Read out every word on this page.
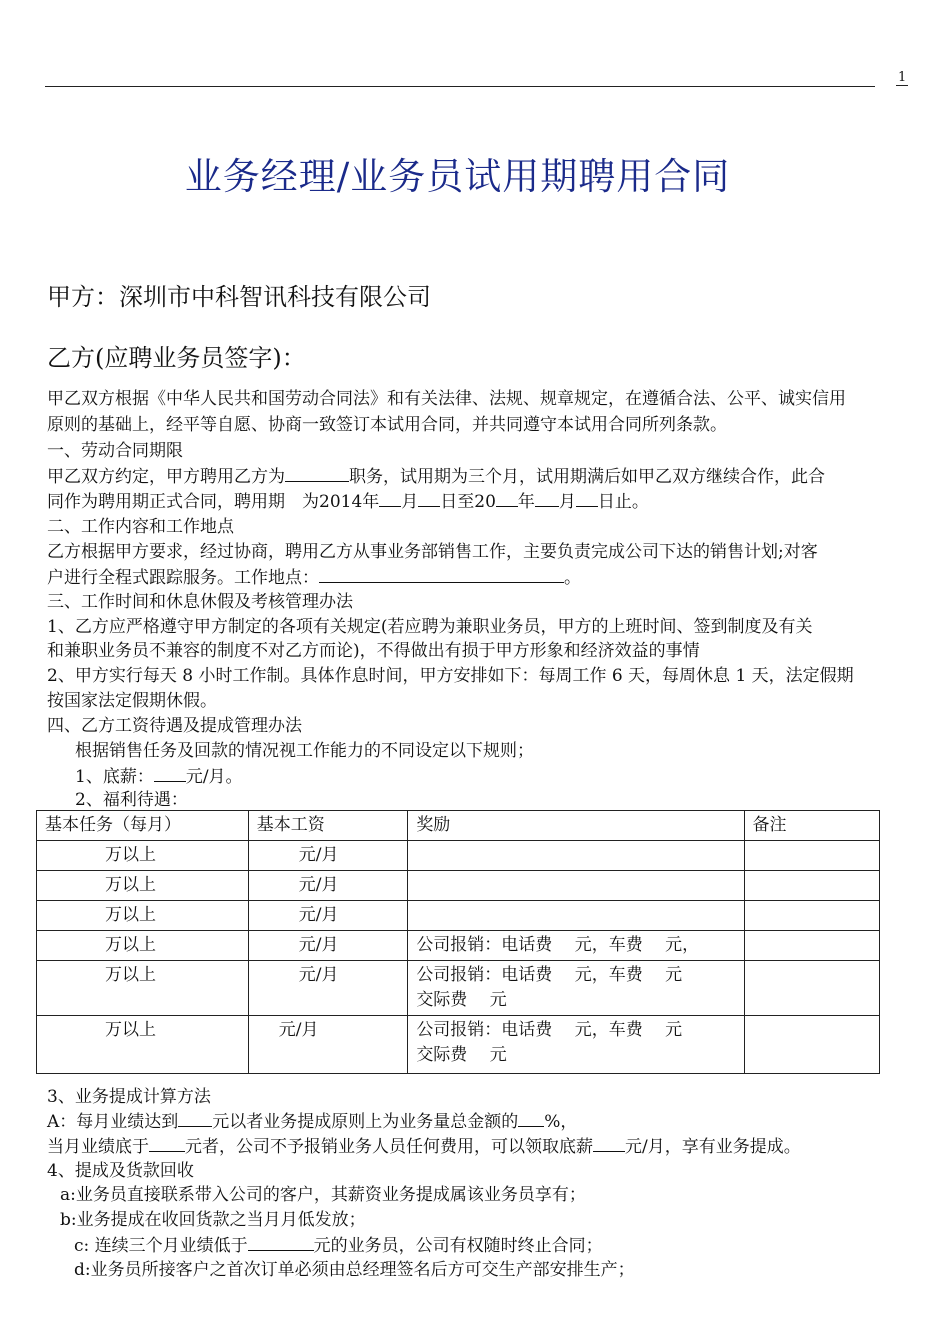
1
业务经理/业务员试用期聘用合同
甲方：深圳市中科智讯科技有限公司
乙方(应聘业务员签字)：
甲乙双方根据《中华人民共和国劳动合同法》和有关法律、法规、规章规定，在遵循合法、公平、诚实信用
原则的基础上，经平等自愿、协商一致签订本试用合同，并共同遵守本试用合同所列条款。
一、劳动合同期限
甲乙双方约定，甲方聘用乙方为	职务，试用期为三个月，试用期满后如甲乙双方继续合作，此合
同作为聘用期正式合同，聘用期　为2014年 月 日至20 年 月 日止。
二、工作内容和工作地点
乙方根据甲方要求，经过协商，聘用乙方从事业务部销售工作，主要负责完成公司下达的销售计划;对客
户进行全程式跟踪服务。工作地点：	。
三、工作时间和休息休假及考核管理办法
1、乙方应严格遵守甲方制定的各项有关规定(若应聘为兼职业务员，甲方的上班时间、签到制度及有关
和兼职业务员不兼容的制度不对乙方而论)，不得做出有损于甲方形象和经济效益的事情
2、甲方实行每天 8 小时工作制。具体作息时间，甲方安排如下：每周工作 6 天，每周休息 1 天，法定假期
按国家法定假期休假。
四、乙方工资待遇及提成管理办法
根据销售任务及回款的情况视工作能力的不同设定以下规则；
1、底薪： 元/月。
2、福利待遇：
基本任务（每月）	基本工资	奖励	备注
万以上	元/月		
万以上	元/月		
万以上	元/月		
万以上	元/月	公司报销：电话费　 元，车费　 元，	
万以上	元/月	公司报销：电话费　 元，车费　 元
交际费　 元	

万以上	元/月	公司报销：电话费　 元，车费　 元
交际费　 元	

3、业务提成计算方法
A：每月业绩达到 元以者业务提成原则上为业务量总金额的 %，
当月业绩底于 元者，公司不予报销业务人员任何费用，可以领取底薪 元/月，享有业务提成。
4、提成及货款回收
a:业务员直接联系带入公司的客户，其薪资业务提成属该业务员享有；
b:业务提成在收回货款之当月月低发放；
c: 连续三个月业绩低于	元的业务员，公司有权随时终止合同；
d:业务员所接客户之首次订单必须由总经理签名后方可交生产部安排生产；
